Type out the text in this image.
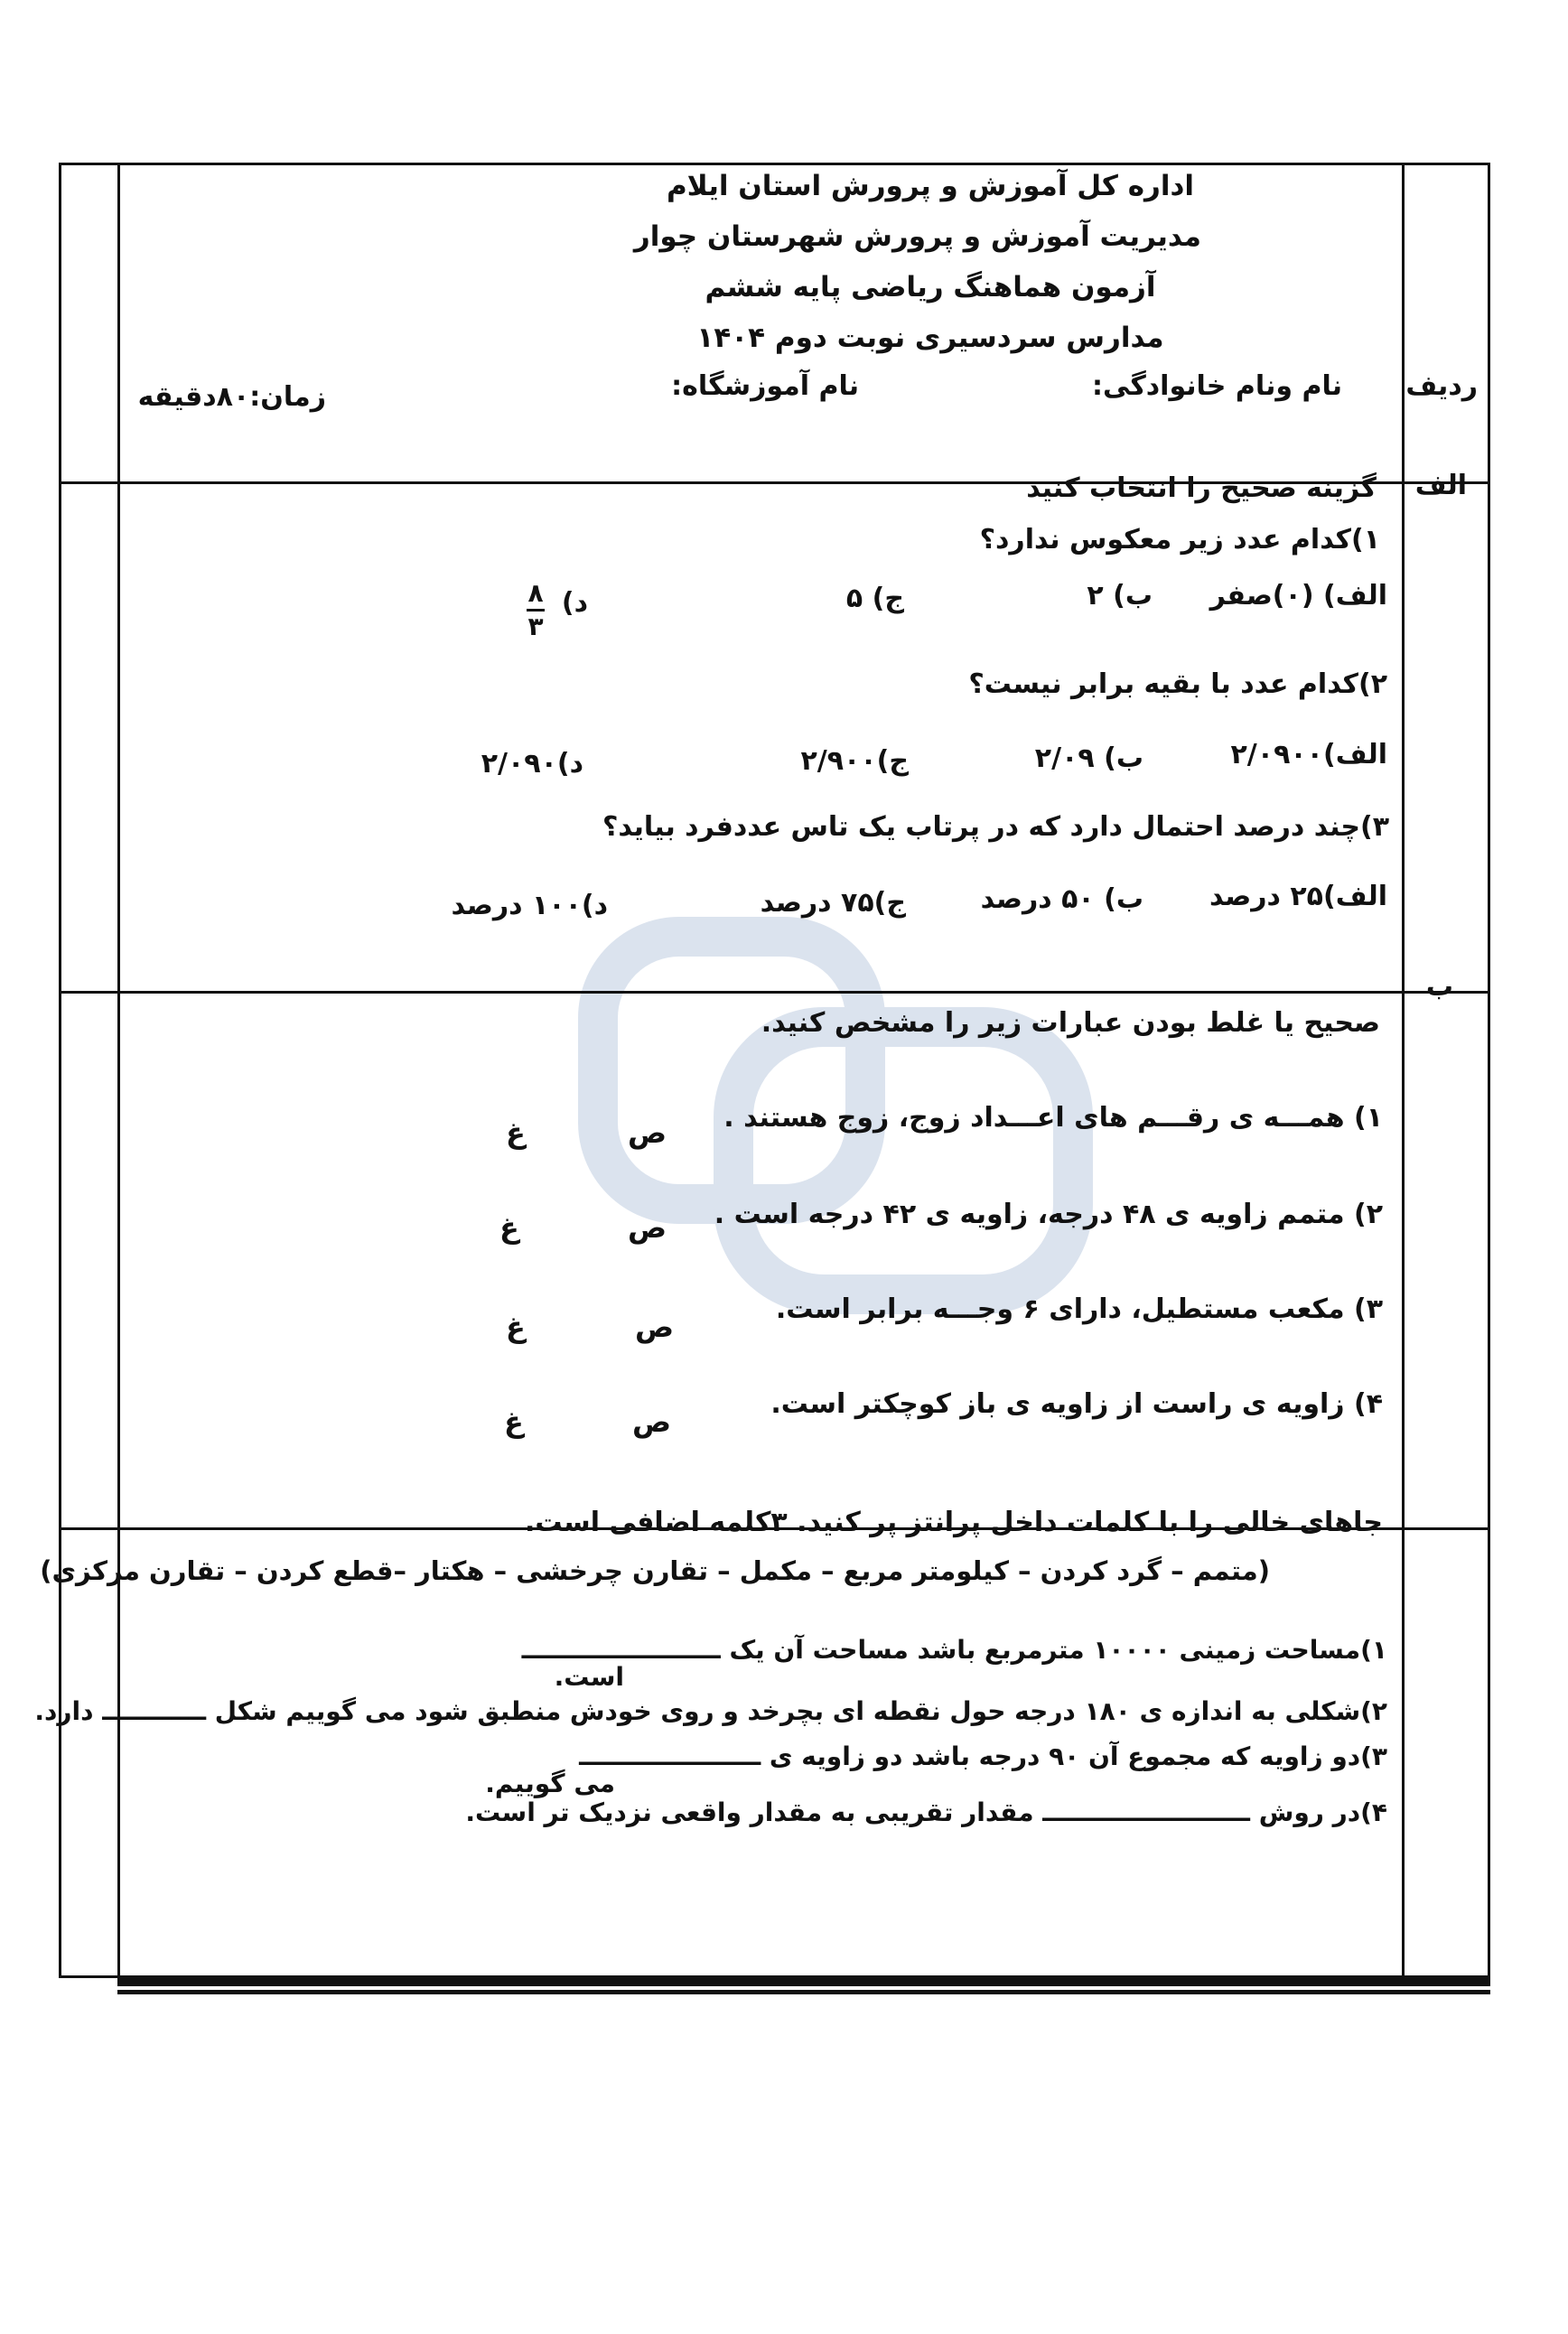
اداره کل آموزش و پرورش استان ایلام
مدیریت آموزش و پرورش شهرستان چوار
آزمون هماهنگ ریاضی پایه ششم
مدارس سردسیری نوبت دوم ۱۴۰۴
ردیف
نام ونام خانوادگی:
نام آموزشگاه:
زمان:۸۰دقیقه
الف
گزینه صحیح را انتخاب کنید
۱)کدام عدد زیر معکوس ندارد؟
الف) (۰)صفر
ب) ۲
ج) ۵
د)
۸
۳
۲)کدام عدد با بقیه برابر نیست؟
الف)۲/۰۹۰۰
ب) ۲/۰۹
ج)۲/۹۰۰
د)۲/۰۹۰
۳)چند درصد احتمال دارد که در پرتاب یک تاس عددفرد بیاید؟
الف)۲۵ درصد
ب) ۵۰ درصد
ج)۷۵ درصد
د)۱۰۰ درصد
ب
صحیح یا غلط بودن عبارات زیر را مشخص کنید.
۱) همـــه ی رقـــم های اعـــداد زوج، زوج هستند .
ص
غ
۲) متمم زاویه ی ۴۸ درجه، زاویه ی ۴۲ درجه است .
ص
غ
۳) مکعب مستطیل، دارای ۶ وجـــه برابر است.
ص
غ
۴) زاویه ی راست از زاویه ی باز کوچکتر است.
ص
غ
جاهای خالی را با کلمات داخل پرانتز پر کنید. ۳کلمه اضافی است.
(متمم – گرد کردن – کیلومتر مربع – مکمل – تقارن چرخشی – هکتار –قطع کردن – تقارن مرکزی)
۱)مساحت زمینی ۱۰۰۰۰ مترمربع باشد مساحت آن یک ـــــــــــــــــــــــ
است.
۲)شکلی به اندازه ی ۱۸۰ درجه حول نقطه ای بچرخد و روی خودش منطبق شود می گوییم شکل ــــــــــــ دارد.
۳)دو زاویه که مجموع آن ۹۰ درجه باشد دو زاویه ی ـــــــــــــــــــــ
می گوییم.
۴)در روش ــــــــــــــــــــــــ مقدار تقریبی به مقدار واقعی نزدیک تر است.
